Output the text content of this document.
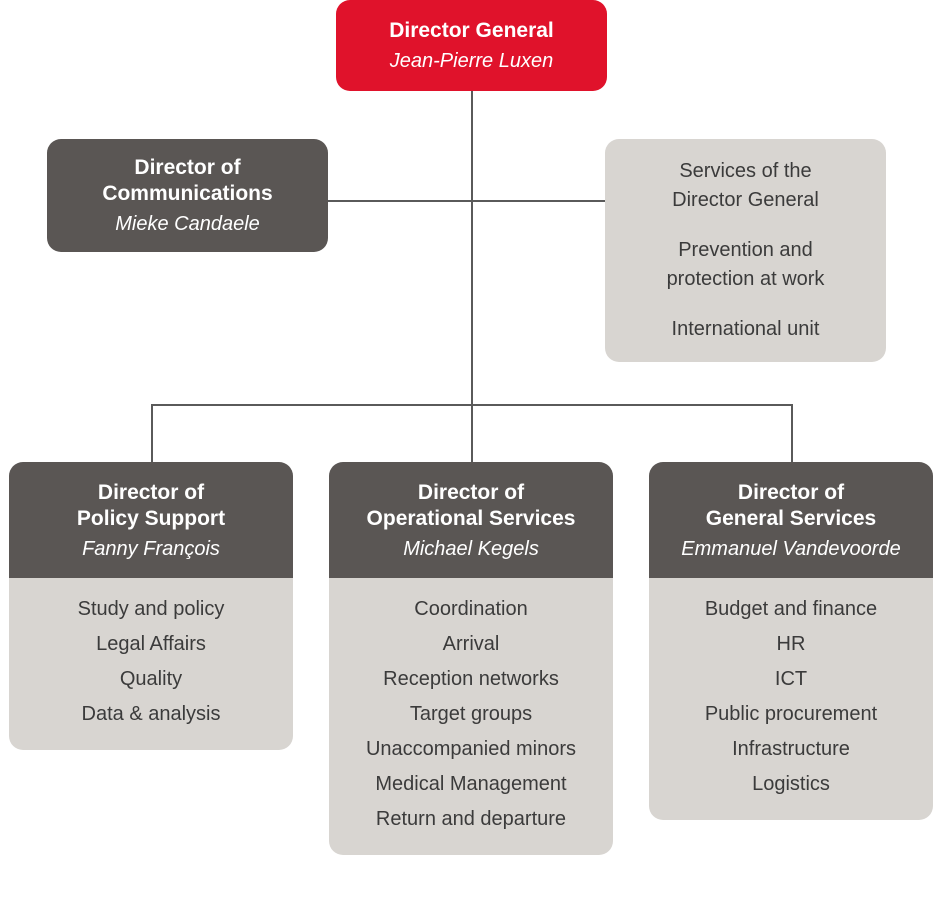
Director General
Jean-Pierre Luxen
Director of
Communications
Mieke Candaele
Services of the
Director General
Prevention and
protection at work
International unit
Director of
Policy Support
Fanny François
Study and policy
Legal Affairs
Quality
Data & analysis
Director of
Operational Services
Michael Kegels
Coordination
Arrival
Reception networks
Target groups
Unaccompanied minors
Medical Management
Return and departure
Director of
General Services
Emmanuel Vandevoorde
Budget and finance
HR
ICT
Public procurement
Infrastructure
Logistics
